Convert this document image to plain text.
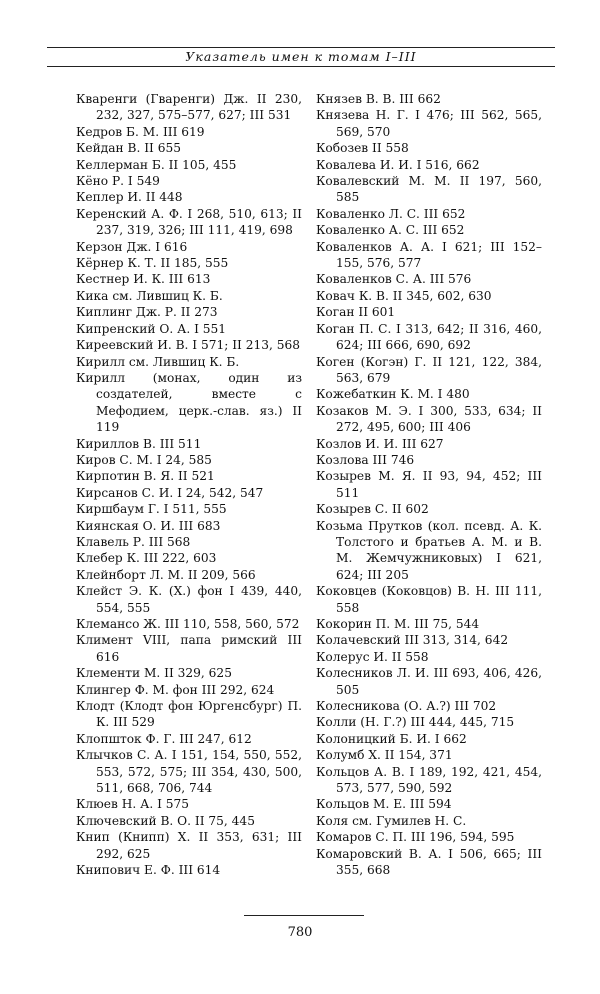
Указатель имен к томам I–III

Кваренги (Гваренги) Дж. II 230, 232, 327, 575–577, 627; III 531

Кедров Б. М. III 619

Кейдан В. II 655

Келлерман Б. II 105, 455

Кёно Р. I 549

Кеплер И. II 448

Керенский А. Ф. I 268, 510, 613; II 237, 319, 326; III 111, 419, 698

Керзон Дж. I 616

Кёрнер К. Т. II 185, 555

Кестнер И. К. III 613

Кика см. Лившиц К. Б.

Киплинг Дж. Р. II 273

Кипренский О. А. I 551

Киреевский И. В. I 571; II 213, 568

Кирилл см. Лившиц К. Б.

Кирилл (монах, один из создателей, вместе с Мефодием, церк.-слав. яз.) II 119

Кириллов В. III 511

Киров С. М. I 24, 585

Кирпотин В. Я. II 521

Кирсанов С. И. I 24, 542, 547

Киршбаум Г. I 511, 555

Киянская О. И. III 683

Клавель Р. III 568

Клебер К. III 222, 603

Клейнборт Л. М. II 209, 566

Клейст Э. К. (Х.) фон I 439, 440, 554, 555

Клемансо Ж. III 110, 558, 560, 572

Климент VIII, папа римский III 616

Клементи М. II 329, 625

Клингер Ф. М. фон III 292, 624

Клодт (Клодт фон Юргенсбург) П. К. III 529

Клопшток Ф. Г. III 247, 612

Клычков С. А. I 151, 154, 550, 552, 553, 572, 575; III 354, 430, 500, 511, 668, 706, 744

Клюев Н. А. I 575

Ключевский В. О. II 75, 445

Книп (Книпп) Х. II 353, 631; III 292, 625

Книпович Е. Ф. III 614

Князев В. В. III 662

Князева Н. Г. I 476; III 562, 565, 569, 570

Кобозев II 558

Ковалева И. И. I 516, 662

Ковалевский М. М. II 197, 560, 585

Коваленко Л. С. III 652

Коваленко А. С. III 652

Коваленков А. А. I 621; III 152–155, 576, 577

Коваленков С. А. III 576

Ковач К. В. II 345, 602, 630

Коган II 601

Коган П. С. I 313, 642; II 316, 460, 624; III 666, 690, 692

Коген (Когэн) Г. II 121, 122, 384, 563, 679

Кожебаткин К. М. I 480

Козаков М. Э. I 300, 533, 634; II 272, 495, 600; III 406

Козлов И. И. III 627

Козлова III 746

Козырев М. Я. II 93, 94, 452; III 511

Козырев С. II 602

Козьма Прутков (кол. псевд. А. К. Толстого и братьев А. М. и В. М. Жемчужниковых) I 621, 624; III 205

Коковцев (Коковцов) В. Н. III 111, 558

Кокорин П. М. III 75, 544

Колачевский III 313, 314, 642

Колерус И. II 558

Колесников Л. И. III 693, 406, 426, 505

Колесникова (О. А.?) III 702

Колли (Н. Г.?) III 444, 445, 715

Колоницкий Б. И. I 662

Колумб Х. II 154, 371

Кольцов А. В. I 189, 192, 421, 454, 573, 577, 590, 592

Кольцов М. Е. III 594

Коля см. Гумилев Н. С.

Комаров С. П. III 196, 594, 595

Комаровский В. А. I 506, 665; III 355, 668

780
